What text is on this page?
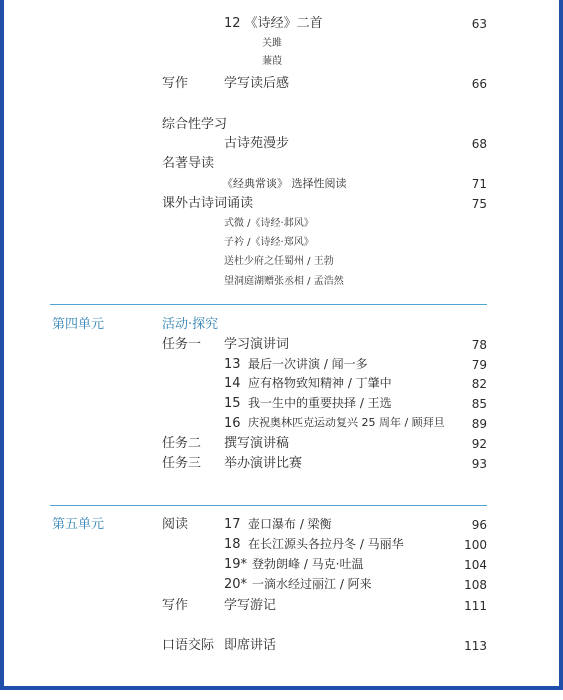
12 《诗经》二首	63
关雎
蒹葭
写作	学写读后感	66
综合性学习
古诗苑漫步	68
名著导读
《经典常谈》 选择性阅读	71
课外古诗词诵读	75
式微 /《诗经·邶风》
子衿 /《诗经·郑风》
送杜少府之任蜀州 / 王勃
望洞庭湖赠张丞相 / 孟浩然
第四单元	活动·探究
任务一 学习演讲词	78
13 最后一次讲演 / 闻一多	79
14 应有格物致知精神 / 丁肇中	82
15 我一生中的重要抉择 / 王选	85
16 庆祝奥林匹克运动复兴 25 周年 / 顾拜旦	89
任务二 撰写演讲稿	92
任务三 举办演讲比赛	93
第五单元	阅读	17 壶口瀑布 / 梁衡	96
18 在长江源头各拉丹冬 / 马丽华	100
19* 登勃朗峰 / 马克·吐温	104
20* 一滴水经过丽江 / 阿来	108
写作	学写游记	111
口语交际 即席讲话	113
